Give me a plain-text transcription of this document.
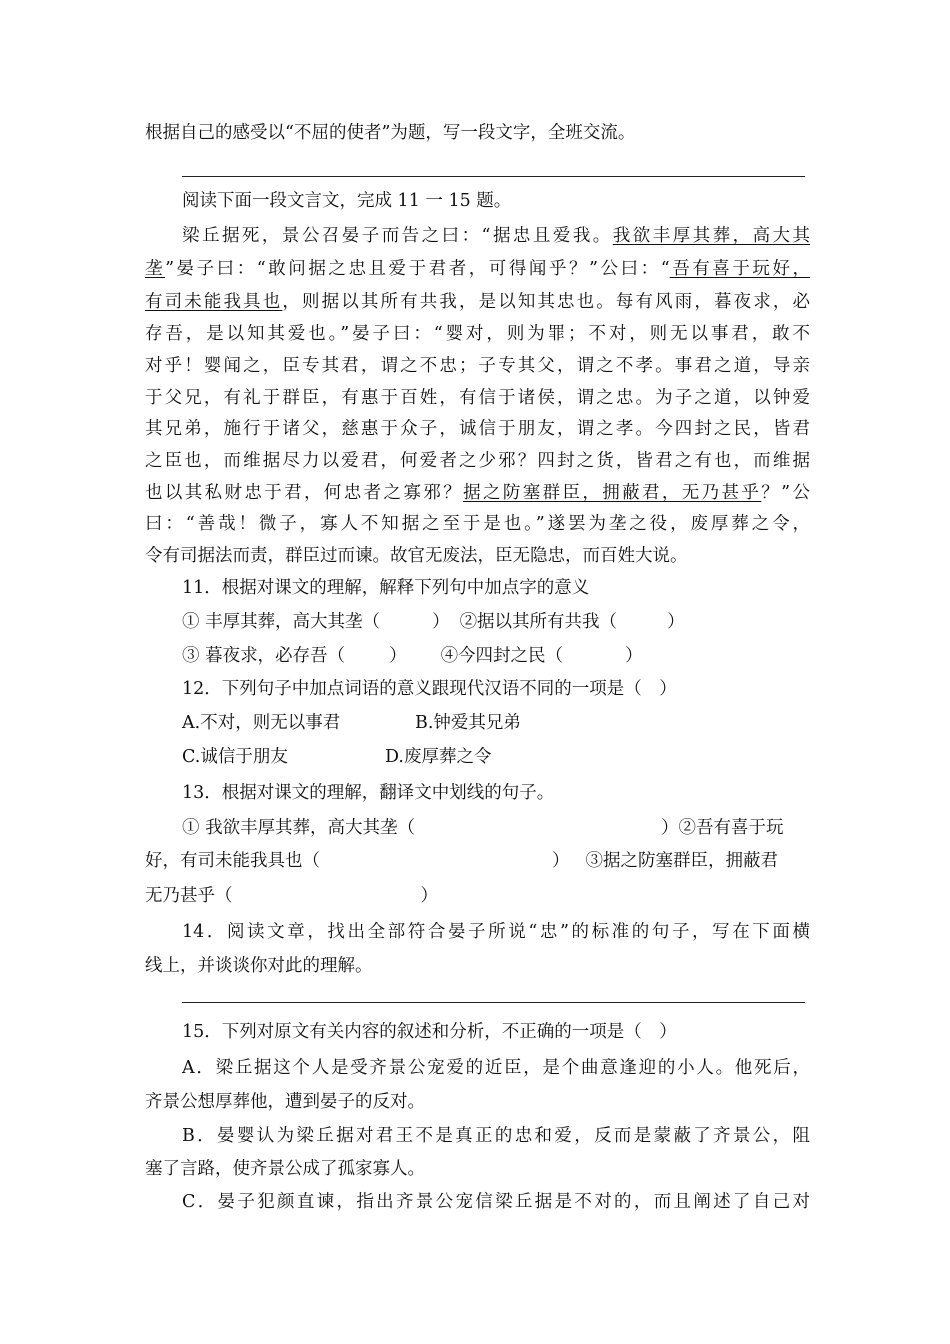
根据自己的感受以“不屈的使者”为题，写一段文字，全班交流。
阅读下面一段文言文，完成 11 一 15 题。
梁丘据死，景公召晏子而告之曰：“据忠且爱我。我欲丰厚其葬，高大其
垄”晏子曰：“敢问据之忠且爱于君者，可得闻乎？”公曰：“吾有喜于玩好，
有司未能我具也，则据以其所有共我，是以知其忠也。每有风雨，暮夜求，必
存吾，是以知其爱也。”晏子曰：“婴对，则为罪；不对，则无以事君，敢不
对乎！婴闻之，臣专其君，谓之不忠；子专其父，谓之不孝。事君之道，导亲
于父兄，有礼于群臣，有惠于百姓，有信于诸侯，谓之忠。为子之道，以钟爱
其兄弟，施行于诸父，慈惠于众子，诚信于朋友，谓之孝。今四封之民，皆君
之臣也，而维据尽力以爱君，何爱者之少邪？四封之货，皆君之有也，而维据
也以其私财忠于君，何忠者之寡邪？据之防塞群臣，拥蔽君，无乃甚乎？”公
曰：“善哉！微子，寡人不知据之至于是也。”遂罢为垄之役，废厚葬之令，
令有司据法而责，群臣过而谏。故官无废法，臣无隐忠，而百姓大说。
11．根据对课文的理解，解释下列句中加点字的意义
① 丰厚其葬，高大其垄（	） ②据以其所有共我（	）
③ 暮夜求，必存吾（	） ④今四封之民（	）
12．下列句子中加点词语的意义跟现代汉语不同的一项是（　）
A.不对，则无以事君	B.钟爱其兄弟
C.诚信于朋友	D.废厚葬之令
13．根据对课文的理解，翻译文中划线的句子。
① 我欲丰厚其葬，高大其垄（	）②吾有喜于玩
好，有司未能我具也（	） ③据之防塞群臣，拥蔽君
无乃甚乎（	）
14．阅读文章，找出全部符合晏子所说“忠”的标准的句子，写在下面横
线上，并谈谈你对此的理解。
15．下列对原文有关内容的叙述和分析，不正确的一项是（　）
A．梁丘据这个人是受齐景公宠爱的近臣，是个曲意逢迎的小人。他死后，
齐景公想厚葬他，遭到晏子的反对。
B．晏婴认为梁丘据对君王不是真正的忠和爱，反而是蒙蔽了齐景公，阻
塞了言路，使齐景公成了孤家寡人。
C．晏子犯颜直谏，指出齐景公宠信梁丘据是不对的，而且阐述了自己对
